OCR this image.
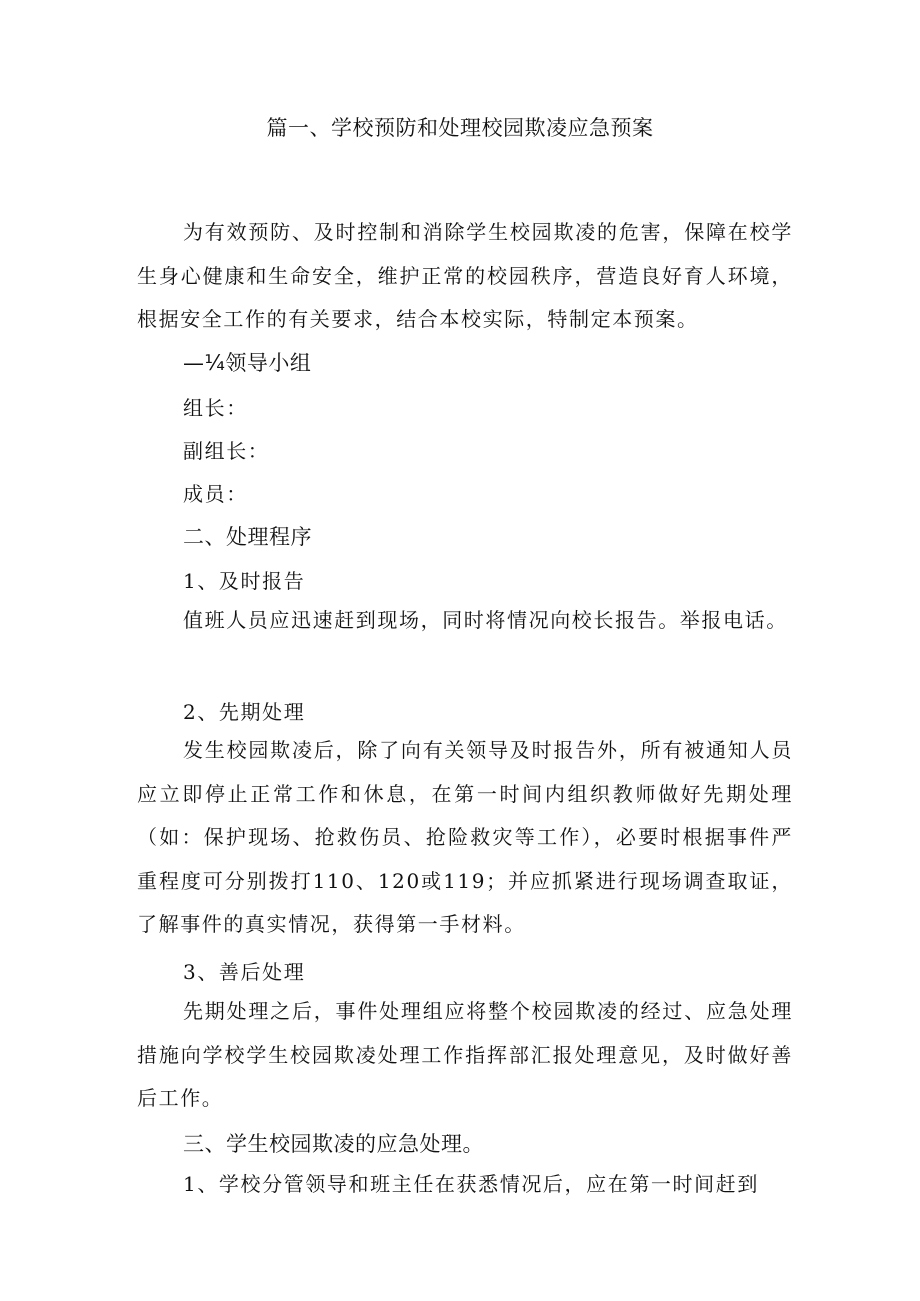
篇一、学校预防和处理校园欺凌应急预案

为有效预防、及时控制和消除学生校园欺凌的危害，保障在校学生身心健康和生命安全，维护正常的校园秩序，营造良好育人环境，根据安全工作的有关要求，结合本校实际，特制定本预案。

—¼领导小组
组长：
副组长：
成员：
二、处理程序
1、及时报告

值班人员应迅速赶到现场，同时将情况向校长报告。举报电话。

2、先期处理

发生校园欺凌后，除了向有关领导及时报告外，所有被通知人员应立即停止正常工作和休息，在第一时间内组织教师做好先期处理（如：保护现场、抢救伤员、抢险救灾等工作），必要时根据事件严重程度可分别拨打110、120或119；并应抓紧进行现场调查取证，了解事件的真实情况，获得第一手材料。

3、善后处理

先期处理之后，事件处理组应将整个校园欺凌的经过、应急处理措施向学校学生校园欺凌处理工作指挥部汇报处理意见，及时做好善后工作。

三、学生校园欺凌的应急处理。

1、学校分管领导和班主任在获悉情况后，应在第一时间赶到
